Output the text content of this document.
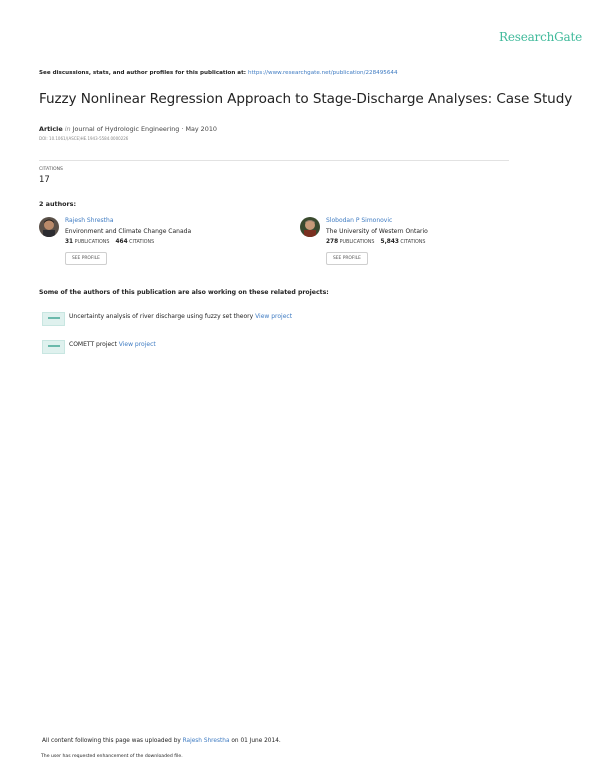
ResearchGate
See discussions, stats, and author profiles for this publication at: https://www.researchgate.net/publication/228495644
Fuzzy Nonlinear Regression Approach to Stage-Discharge Analyses: Case Study
Article in Journal of Hydrologic Engineering · May 2010
DOI: 10.1061/(ASCE)HE.1943-5584.0000226
CITATIONS
17
2 authors:
Rajesh Shrestha
Environment and Climate Change Canada
31 PUBLICATIONS 464 CITATIONS
SEE PROFILE
Slobodan P Simonovic
The University of Western Ontario
278 PUBLICATIONS 5,843 CITATIONS
SEE PROFILE
Some of the authors of this publication are also working on these related projects:
Uncertainty analysis of river discharge using fuzzy set theory View project
COMETT project View project
All content following this page was uploaded by Rajesh Shrestha on 01 June 2014.
The user has requested enhancement of the downloaded file.
